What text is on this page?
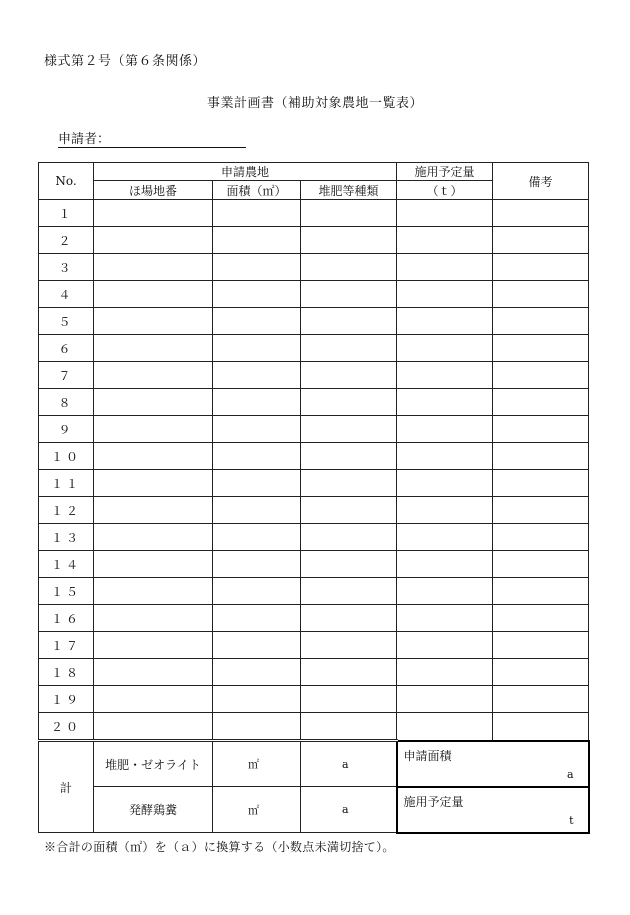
様式第２号（第６条関係）
事業計画書（補助対象農地一覧表）
申請者：
No.	申請農地			施用予定量	備考
	ほ場地番	面積（㎡）	堆肥等種類	（ｔ）	
１					
２					
３					
４					
５					
６					
７					
８					
９					
１０					
１１					
１２					
１３					
１４					
１５					
１６					
１７					
１８					
１９					
２０					
計	堆肥・ゼオライト	㎡	a	申請面積
a	

	発酵鶏糞	㎡	a	施用予定量
t	
※合計の面積（㎡）を（ａ）に換算する（小数点未満切捨て）。
